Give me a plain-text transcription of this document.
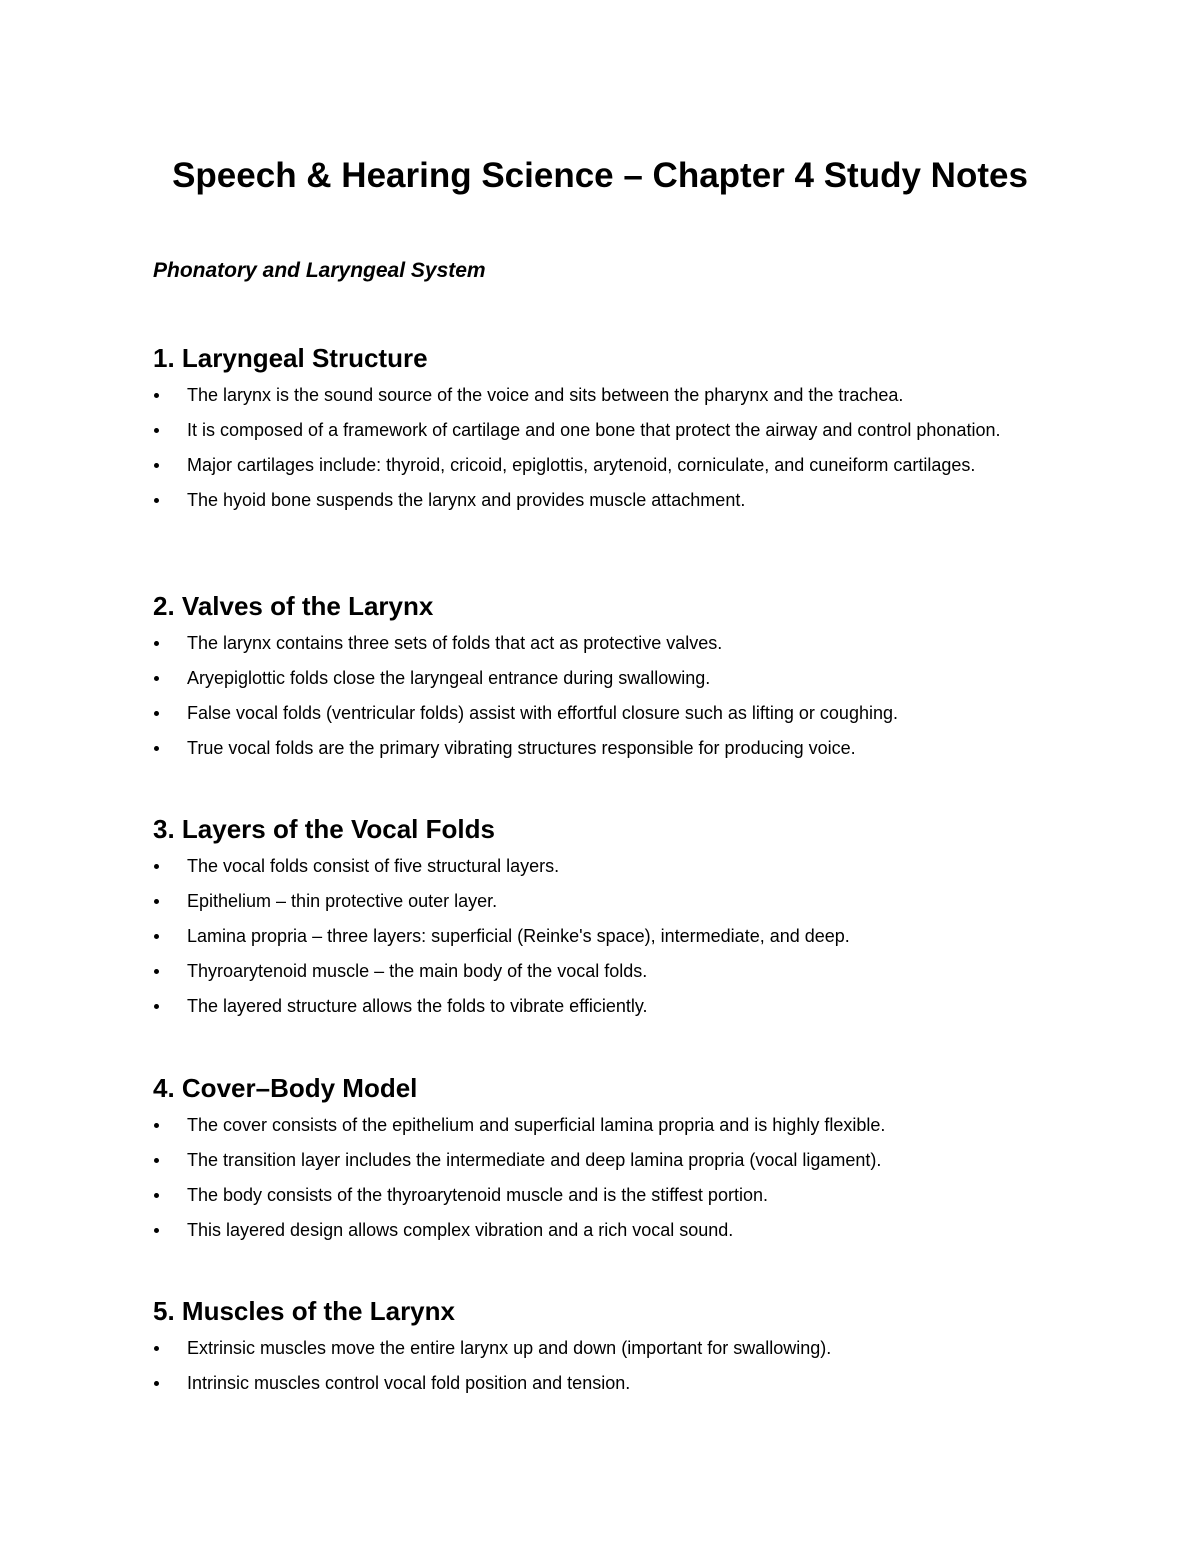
Speech & Hearing Science – Chapter 4 Study Notes
Phonatory and Laryngeal System
1. Laryngeal Structure
The larynx is the sound source of the voice and sits between the pharynx and the trachea.
It is composed of a framework of cartilage and one bone that protect the airway and control phonation.
Major cartilages include: thyroid, cricoid, epiglottis, arytenoid, corniculate, and cuneiform cartilages.
The hyoid bone suspends the larynx and provides muscle attachment.
2. Valves of the Larynx
The larynx contains three sets of folds that act as protective valves.
Aryepiglottic folds close the laryngeal entrance during swallowing.
False vocal folds (ventricular folds) assist with effortful closure such as lifting or coughing.
True vocal folds are the primary vibrating structures responsible for producing voice.
3. Layers of the Vocal Folds
The vocal folds consist of five structural layers.
Epithelium – thin protective outer layer.
Lamina propria – three layers: superficial (Reinke's space), intermediate, and deep.
Thyroarytenoid muscle – the main body of the vocal folds.
The layered structure allows the folds to vibrate efficiently.
4. Cover–Body Model
The cover consists of the epithelium and superficial lamina propria and is highly flexible.
The transition layer includes the intermediate and deep lamina propria (vocal ligament).
The body consists of the thyroarytenoid muscle and is the stiffest portion.
This layered design allows complex vibration and a rich vocal sound.
5. Muscles of the Larynx
Extrinsic muscles move the entire larynx up and down (important for swallowing).
Intrinsic muscles control vocal fold position and tension.
